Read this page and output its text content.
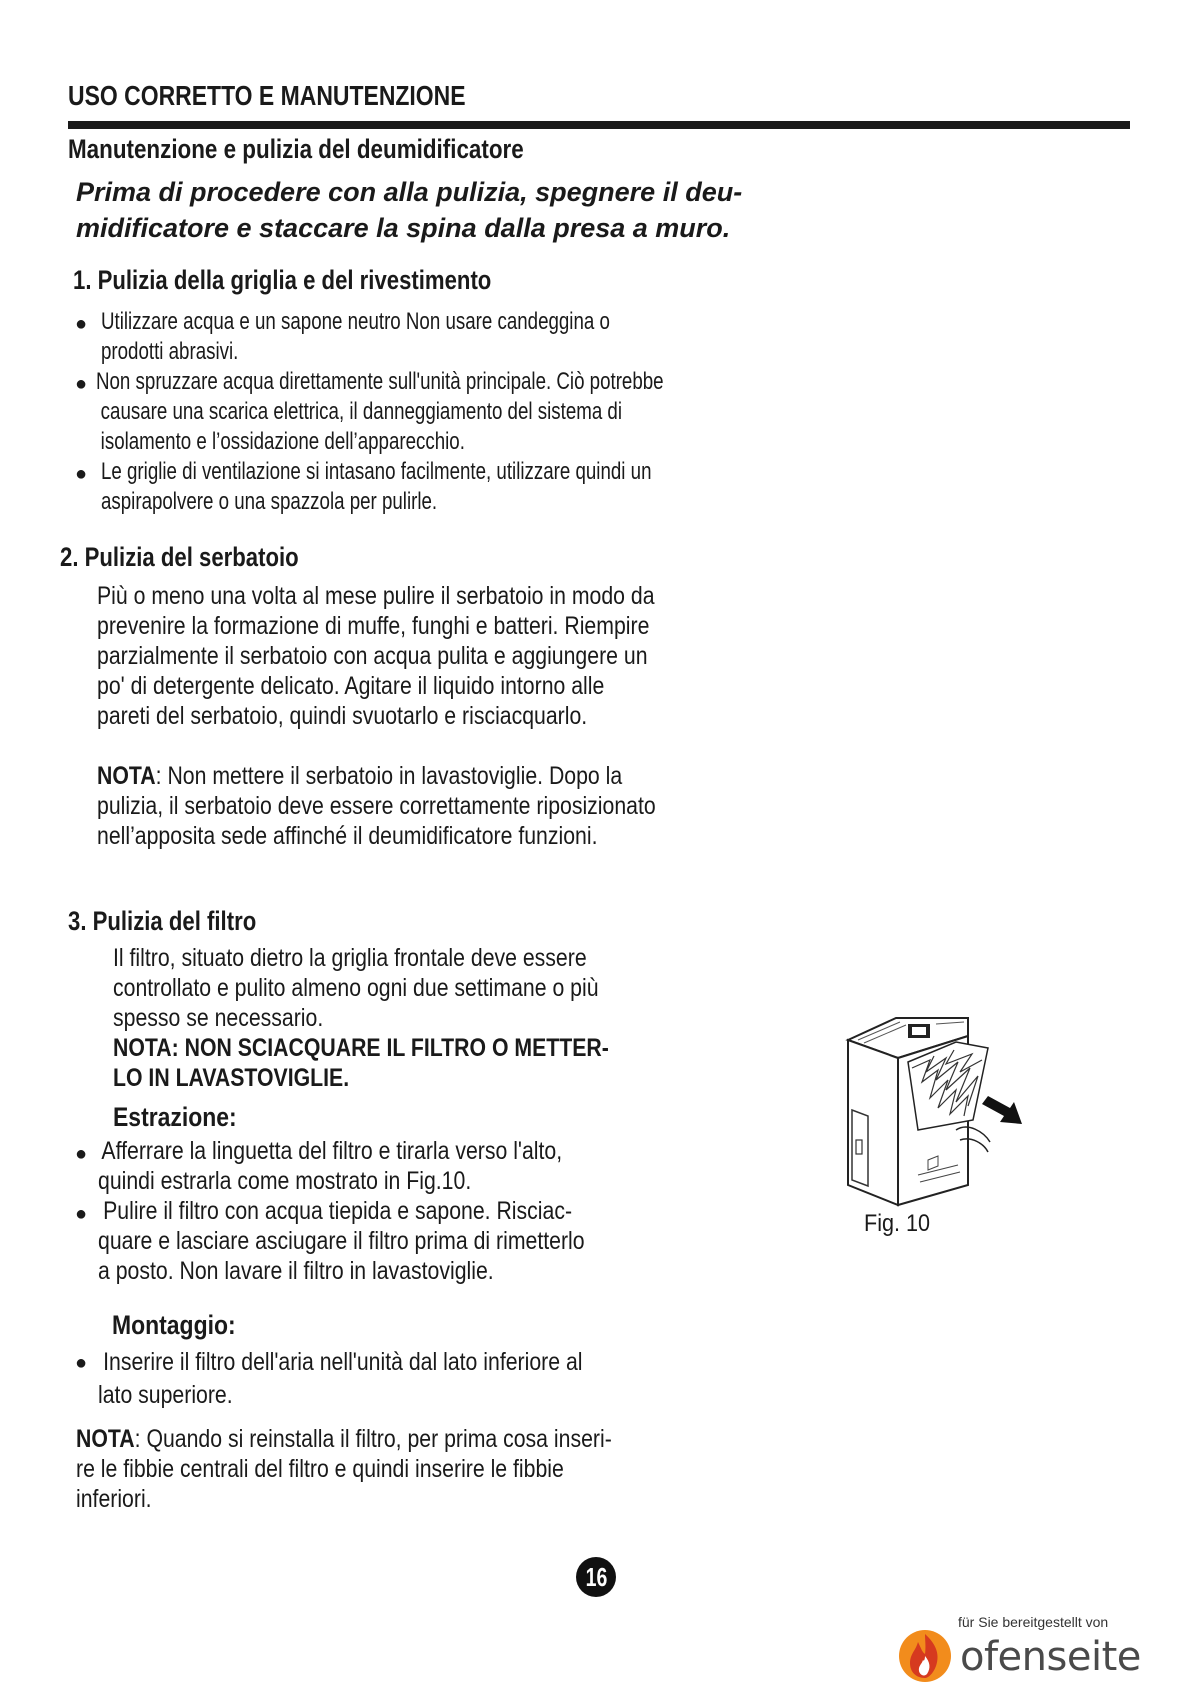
USO CORRETTO E MANUTENZIONE
Manutenzione e pulizia del deumidificatore
Prima di procedere con alla pulizia, spegnere il deu-
midificatore e staccare la spina dalla presa a muro.
1. Pulizia della griglia e del rivestimento
● Utilizzare acqua e un sapone neutro Non usare candeggina o
prodotti abrasivi.
● Non spruzzare acqua direttamente sull'unità principale. Ciò potrebbe
causare una scarica elettrica, il danneggiamento del sistema di
isolamento e l’ossidazione dell’apparecchio.
● Le griglie di ventilazione si intasano facilmente, utilizzare quindi un
aspirapolvere o una spazzola per pulirle.
2. Pulizia del serbatoio
Più o meno una volta al mese pulire il serbatoio in modo da
prevenire la formazione di muffe, funghi e batteri. Riempire
parzialmente il serbatoio con acqua pulita e aggiungere un
po' di detergente delicato. Agitare il liquido intorno alle
pareti del serbatoio, quindi svuotarlo e risciacquarlo.
NOTA: Non mettere il serbatoio in lavastoviglie. Dopo la
pulizia, il serbatoio deve essere correttamente riposizionato
nell’apposita sede affinché il deumidificatore funzioni.
3. Pulizia del filtro
Il filtro, situato dietro la griglia frontale deve essere
controllato e pulito almeno ogni due settimane o più
spesso se necessario.
NOTA: NON SCIACQUARE IL FILTRO O METTER-
LO IN LAVASTOVIGLIE.
Estrazione:
● Afferrare la linguetta del filtro e tirarla verso l'alto,
quindi estrarla come mostrato in Fig.10.
● Pulire il filtro con acqua tiepida e sapone. Risciac-
quare e lasciare asciugare il filtro prima di rimetterlo
a posto. Non lavare il filtro in lavastoviglie.
Montaggio:
● Inserire il filtro dell'aria nell'unità dal lato inferiore al
lato superiore.
NOTA: Quando si reinstalla il filtro, per prima cosa inseri-
re le fibbie centrali del filtro e quindi inserire le fibbie
inferiori.
Fig. 10
16
für Sie bereitgestellt von
ofenseite
